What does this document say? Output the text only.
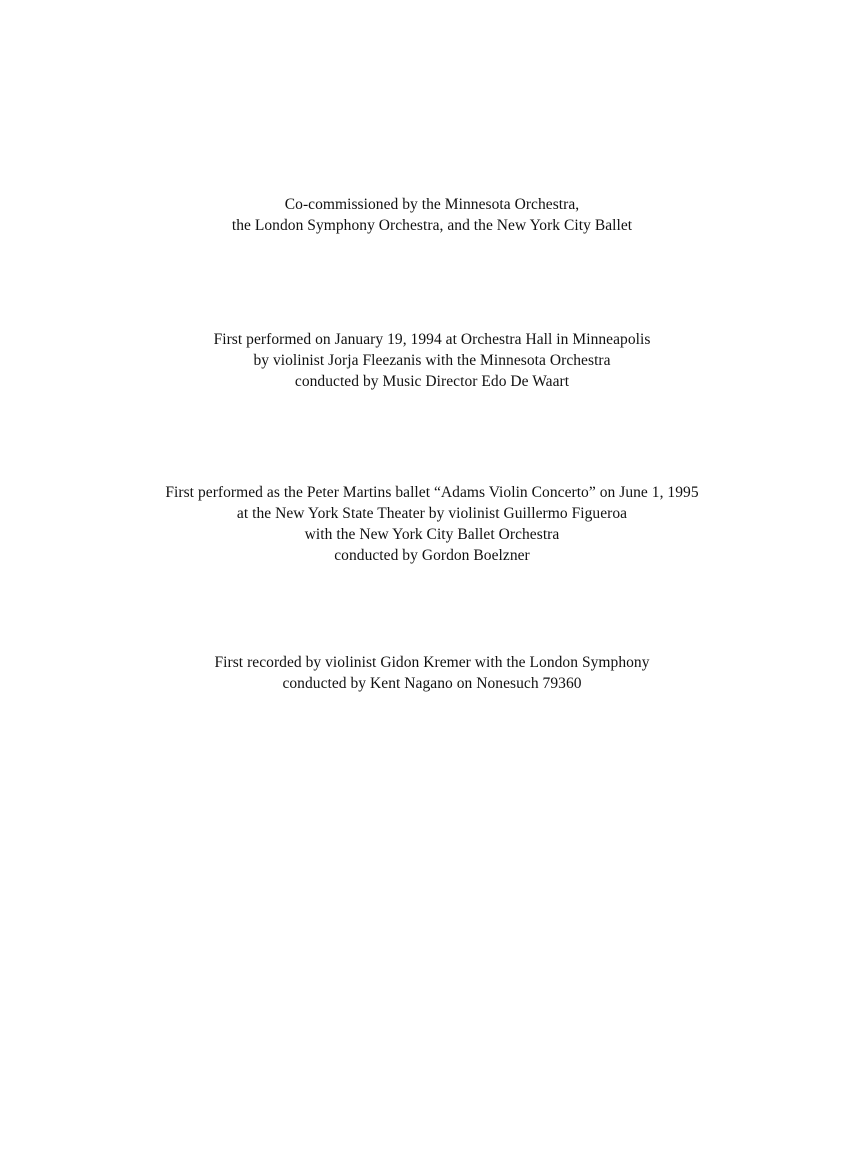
Co-commissioned by the Minnesota Orchestra,
the London Symphony Orchestra, and the New York City Ballet
First performed on January 19, 1994 at Orchestra Hall in Minneapolis
by violinist Jorja Fleezanis with the Minnesota Orchestra
conducted by Music Director Edo De Waart
First performed as the Peter Martins ballet “Adams Violin Concerto” on June 1, 1995
at the New York State Theater by violinist Guillermo Figueroa
with the New York City Ballet Orchestra
conducted by Gordon Boelzner
First recorded by violinist Gidon Kremer with the London Symphony
conducted by Kent Nagano on Nonesuch 79360
